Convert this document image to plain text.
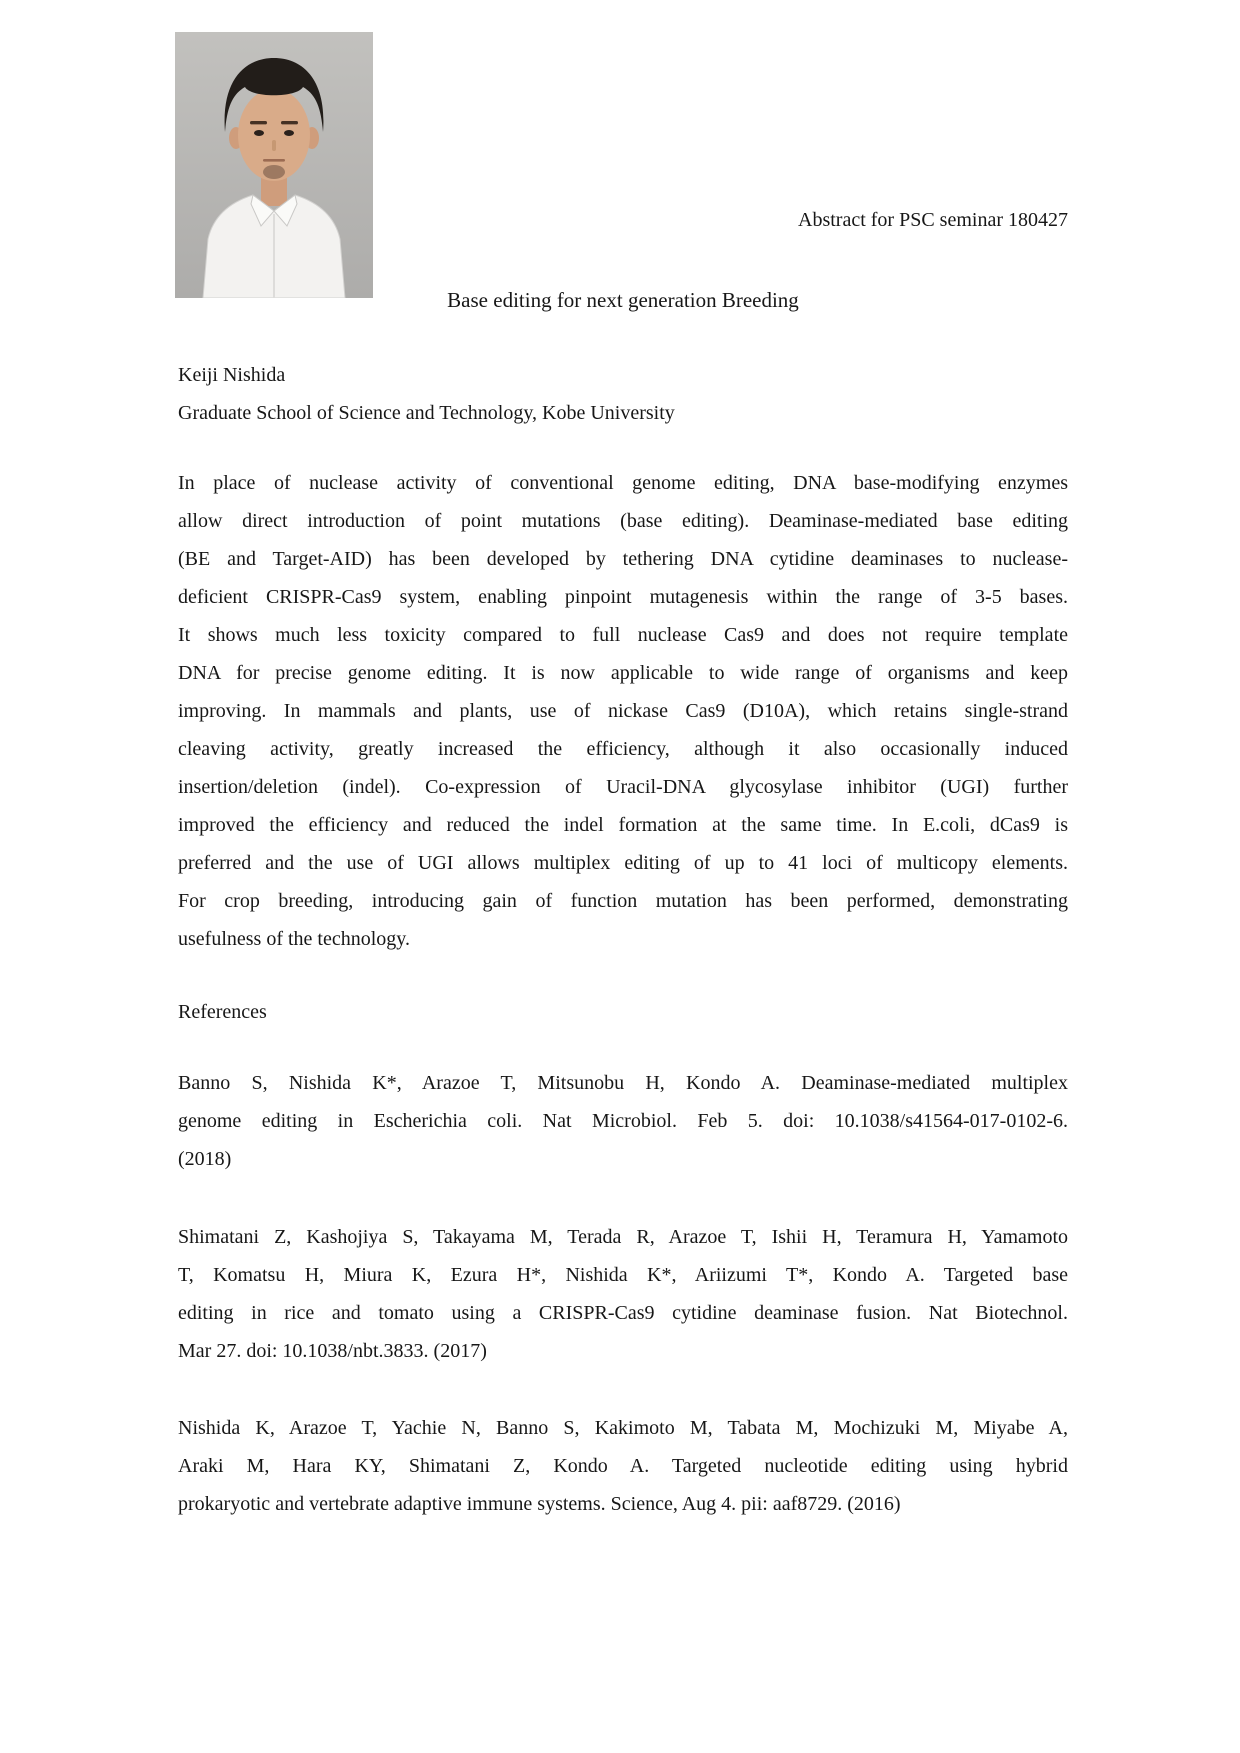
Abstract for PSC seminar 180427
Base editing for next generation Breeding
Keiji Nishida
Graduate School of Science and Technology, Kobe University
In place of nuclease activity of conventional genome editing, DNA base-modifying enzymes
allow direct introduction of point mutations (base editing). Deaminase-mediated base editing
(BE and Target-AID) has been developed by tethering DNA cytidine deaminases to nuclease-
deficient CRISPR-Cas9 system, enabling pinpoint mutagenesis within the range of 3-5 bases.
It shows much less toxicity compared to full nuclease Cas9 and does not require template
DNA for precise genome editing. It is now applicable to wide range of organisms and keep
improving. In mammals and plants, use of nickase Cas9 (D10A), which retains single-strand
cleaving activity, greatly increased the efficiency, although it also occasionally induced
insertion/deletion (indel). Co-expression of Uracil-DNA glycosylase inhibitor (UGI) further
improved the efficiency and reduced the indel formation at the same time. In E.coli, dCas9 is
preferred and the use of UGI allows multiplex editing of up to 41 loci of multicopy elements.
For crop breeding, introducing gain of function mutation has been performed, demonstrating
usefulness of the technology.
References
Banno S, Nishida K*, Arazoe T, Mitsunobu H, Kondo A. Deaminase-mediated multiplex
genome editing in Escherichia coli. Nat Microbiol. Feb 5. doi: 10.1038/s41564-017-0102-6.
(2018)
Shimatani Z, Kashojiya S, Takayama M, Terada R, Arazoe T, Ishii H, Teramura H, Yamamoto
T, Komatsu H, Miura K, Ezura H*, Nishida K*, Ariizumi T*, Kondo A. Targeted base
editing in rice and tomato using a CRISPR-Cas9 cytidine deaminase fusion. Nat Biotechnol.
Mar 27. doi: 10.1038/nbt.3833. (2017)
Nishida K, Arazoe T, Yachie N, Banno S, Kakimoto M, Tabata M, Mochizuki M, Miyabe A,
Araki M, Hara KY, Shimatani Z, Kondo A. Targeted nucleotide editing using hybrid
prokaryotic and vertebrate adaptive immune systems. Science, Aug 4. pii: aaf8729. (2016)
